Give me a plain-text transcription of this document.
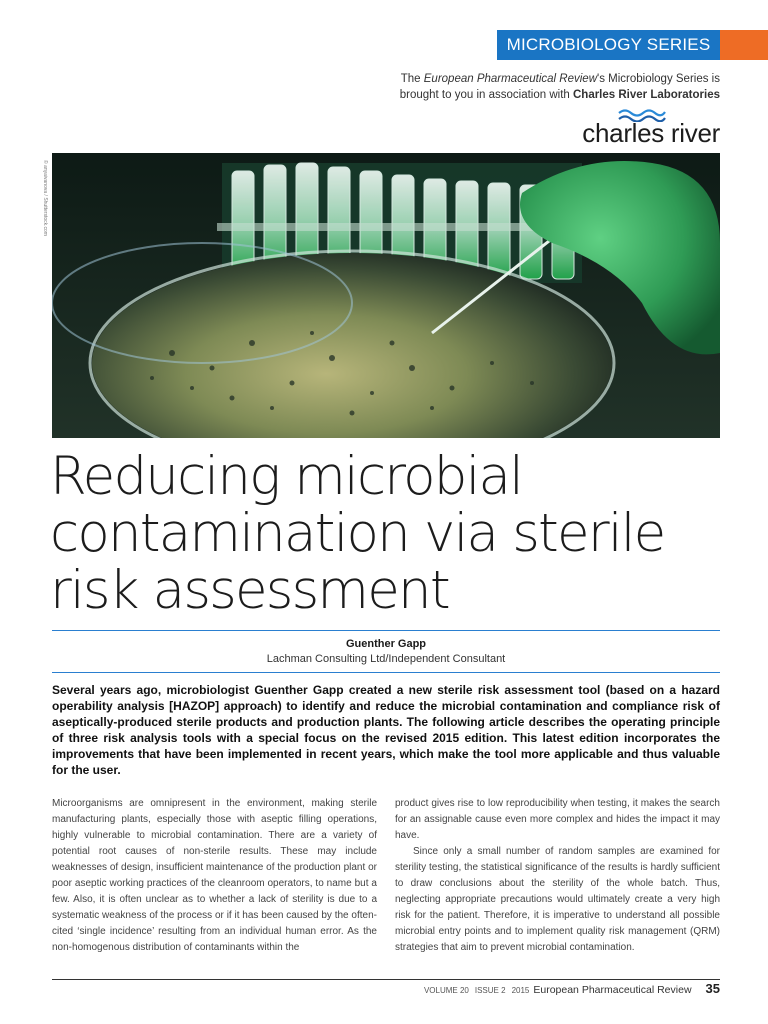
MICROBIOLOGY SERIES
The European Pharmaceutical Review's Microbiology Series is brought to you in association with Charles River Laboratories
charles river
© anyaivanova / Shutterstock.com
Reducing microbial
contamination via sterile
risk assessment
Guenther Gapp
Lachman Consulting Ltd/Independent Consultant
Several years ago, microbiologist Guenther Gapp created a new sterile risk assessment tool (based on a hazard operability analysis [HAZOP] approach) to identify and reduce the microbial contamination and compliance risk of aseptically-produced sterile products and production plants. The following article describes the operating principle of three risk analysis tools with a special focus on the revised 2015 edition. This latest edition incorporates the improvements that have been implemented in recent years, which make the tool more applicable and thus valuable for the user.

Microorganisms are omnipresent in the environment, making sterile manufacturing plants, especially those with aseptic filling operations, highly vulnerable to microbial contamination. There are a variety of potential root causes of non-sterile results. These may include weaknesses of design, insufficient maintenance of the production plant or poor aseptic working practices of the cleanroom operators, to name but a few. Also, it is often unclear as to whether a lack of sterility is due to a systematic weakness of the process or if it has been caused by the often-cited ‘single incidence’ resulting from an individual human error. As the non-homogenous distribution of contaminants within the

product gives rise to low reproducibility when testing, it makes the search for an assignable cause even more complex and hides the impact it may have.

Since only a small number of random samples are examined for sterility testing, the statistical significance of the results is hardly sufficient to draw conclusions about the sterility of the whole batch. Thus, neglecting appropriate precautions would ultimately create a very high risk for the patient. Therefore, it is imperative to understand all possible microbial entry points and to implement quality risk management (QRM) strategies that aim to prevent microbial contamination.

VOLUME 20 ISSUE 2 2015 European Pharmaceutical Review 35
